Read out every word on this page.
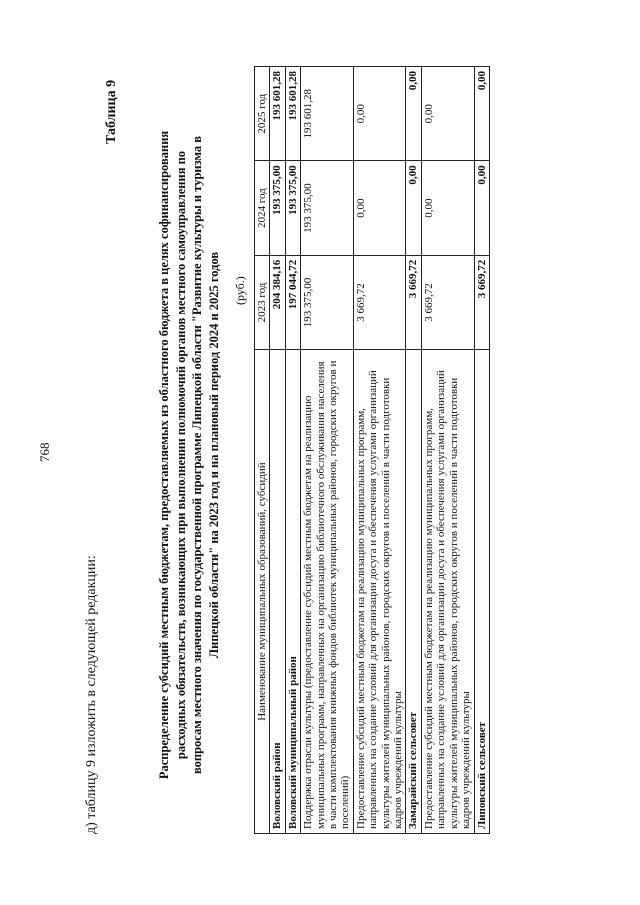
768
д) таблицу 9 изложить в следующей редакции:
Таблица 9
Распределение субсидий местным бюджетам, предоставляемых из областного бюджета в целях софинансирования расходных обязательств, возникающих при выполнении полномочий органов местного самоуправления по вопросам местного значения по государственной программе Липецкой области "Развитие культуры и туризма в Липецкой области" на 2023 год и на плановый период 2024 и 2025 годов (руб.)
Наименование муниципальных образований, субсидий	2023 год	2024 год	2025 год
Воловский район	204 384,16	193 375,00	193 601,28
Воловский муниципальный район	197 044,72	193 375,00	193 601,28
Поддержка отрасли культуры (предоставление субсидий местным бюджетам на реализацию муниципальных программ, направленных на организацию библиотечного обслуживания населения в части комплектования книжных фондов библиотек муниципальных районов, городских округов и поселений)	193 375,00	193 375,00	193 601,28
Предоставление субсидий местным бюджетам на реализацию муниципальных программ, направленных на создание условий для организации досуга и обеспечения услугами организаций культуры жителей муниципальных районов, городских округов и поселений в части подготовки кадров учреждений культуры	3 669,72	0,00	0,00
Замарайский сельсовет	3 669,72	0,00	0,00
Предоставление субсидий местным бюджетам на реализацию муниципальных программ, направленных на создание условий для организации досуга и обеспечения услугами организаций культуры жителей муниципальных районов, городских округов и поселений в части подготовки кадров учреждений культуры	3 669,72	0,00	0,00
Липовский сельсовет	3 669,72	0,00	0,00
